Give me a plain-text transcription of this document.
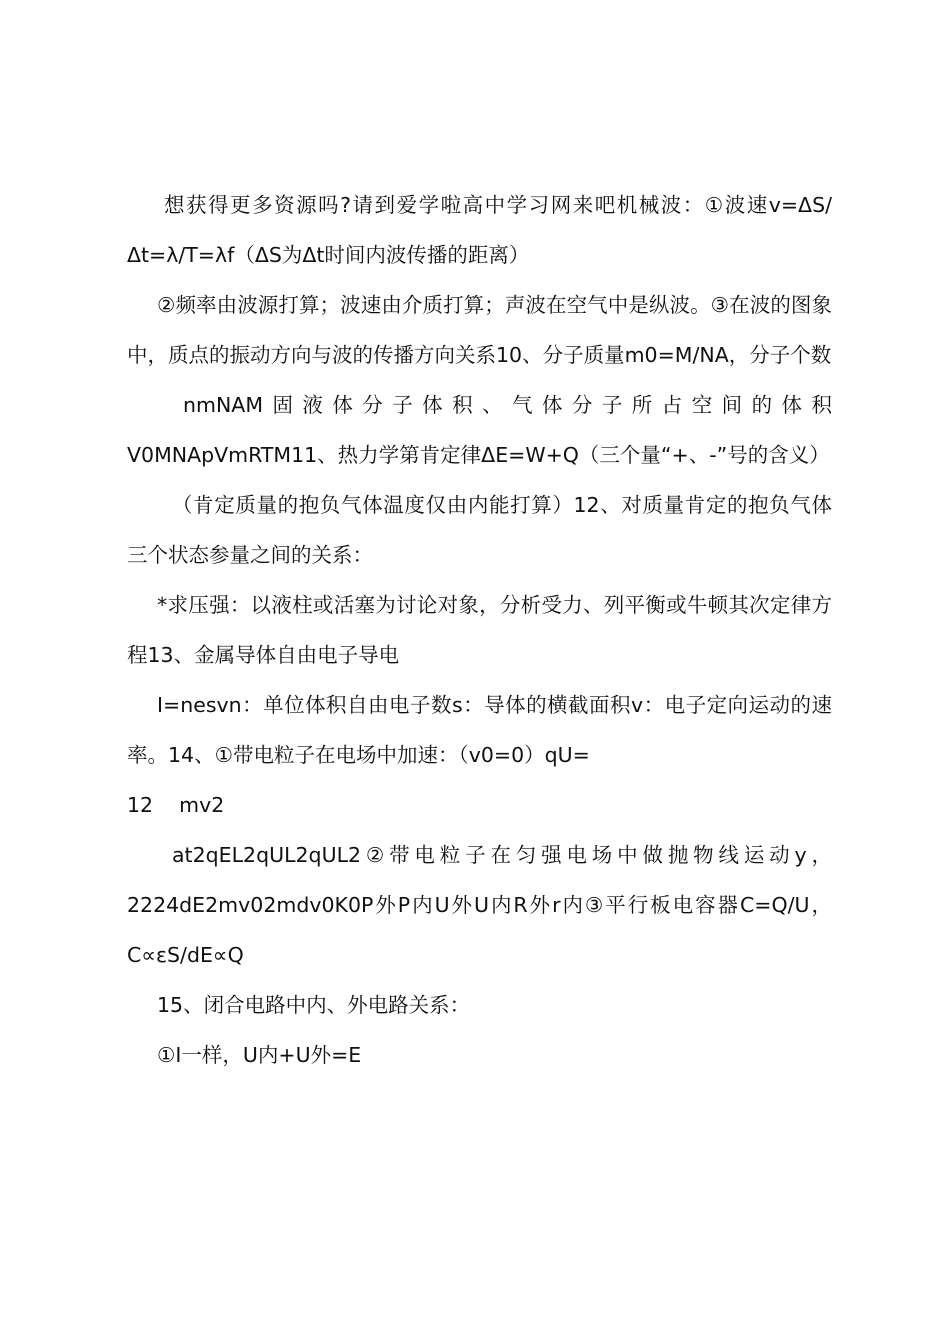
想获得更多资源吗?请到爱学啦高中学习网来吧机械波：①波速v=ΔS/Δt=λ/T=λf（ΔS为Δt时间内波传播的距离）

②频率由波源打算；波速由介质打算；声波在空气中是纵波。③在波的图象中，质点的振动方向与波的传播方向关系10、分子质量m0=M/NA，分子个数

nmNAM固液体分子体积、气体分子所占空间的体积V0MNApVmRTM11、热力学第肯定律ΔE=W+Q（三个量“+、-”号的含义）

（肯定质量的抱负气体温度仅由内能打算）12、对质量肯定的抱负气体三个状态参量之间的关系：

*求压强：以液柱或活塞为讨论对象，分析受力、列平衡或牛顿其次定律方程13、金属导体自由电子导电

I=nesvn：单位体积自由电子数s：导体的横截面积v：电子定向运动的速率。14、①带电粒子在电场中加速：（v0=0）qU=

12    mv2

at2qEL2qUL2qUL2②带电粒子在匀强电场中做抛物线运动y，2224dE2mv02mdv0K0P外P内U外U内R外r内③平行板电容器C=Q/U，C∝εS/dE∝Q

15、闭合电路中内、外电路关系：

①I一样，U内+U外=E
